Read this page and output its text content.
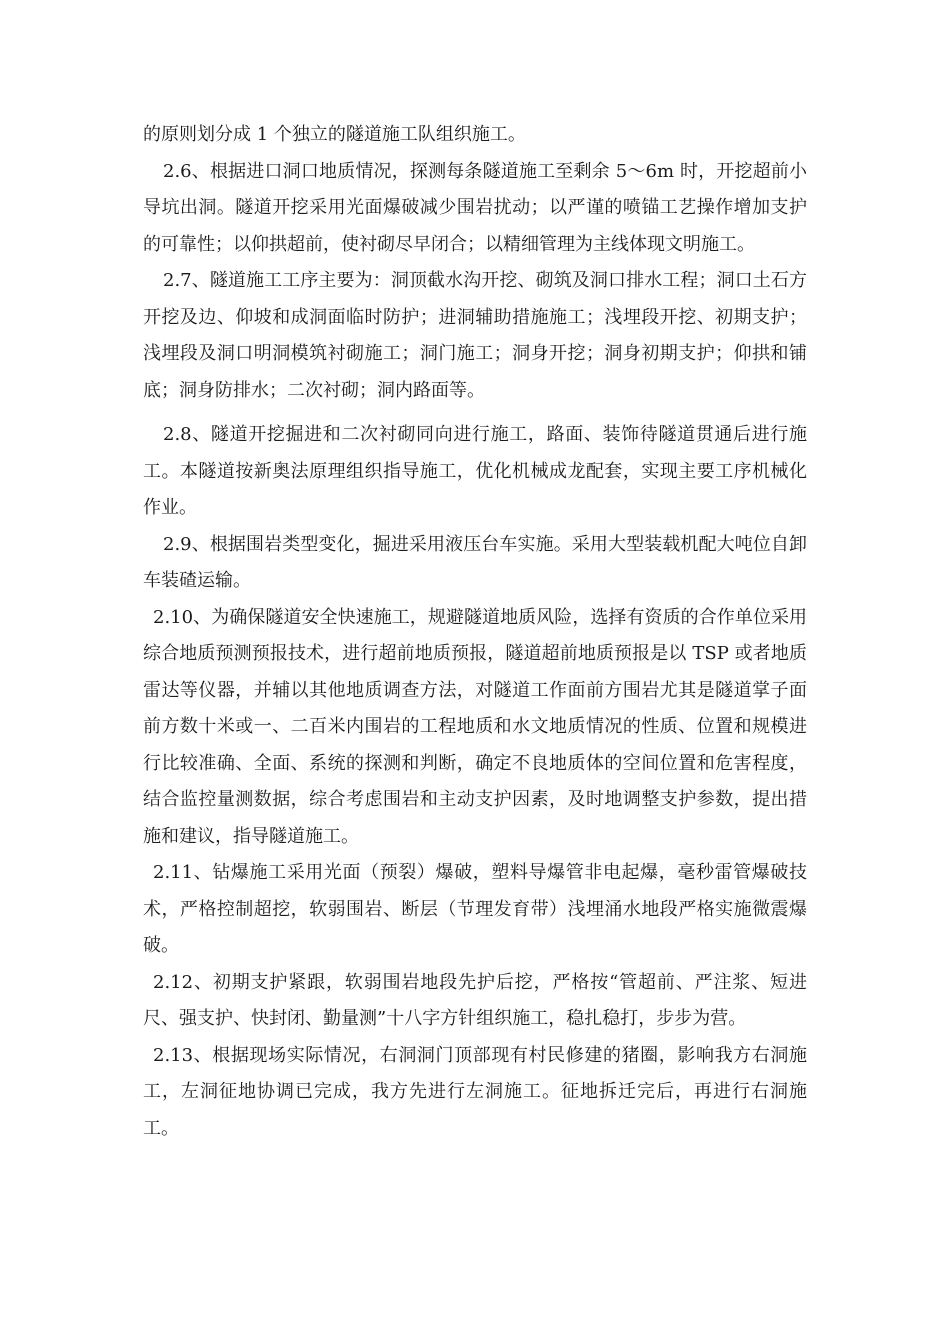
的原则划分成 1 个独立的隧道施工队组织施工。

2.6、根据进口洞口地质情况，探测每条隧道施工至剩余 5～6m 时，开挖超前小导坑出洞。隧道开挖采用光面爆破减少围岩扰动；以严谨的喷锚工艺操作增加支护的可靠性；以仰拱超前，使衬砌尽早闭合；以精细管理为主线体现文明施工。

2.7、隧道施工工序主要为：洞顶截水沟开挖、砌筑及洞口排水工程；洞口土石方开挖及边、仰坡和成洞面临时防护；进洞辅助措施施工；浅埋段开挖、初期支护；浅埋段及洞口明洞模筑衬砌施工；洞门施工；洞身开挖；洞身初期支护；仰拱和铺底；洞身防排水；二次衬砌；洞内路面等。

2.8、隧道开挖掘进和二次衬砌同向进行施工，路面、装饰待隧道贯通后进行施工。本隧道按新奥法原理组织指导施工，优化机械成龙配套，实现主要工序机械化作业。

2.9、根据围岩类型变化，掘进采用液压台车实施。采用大型装载机配大吨位自卸车装碴运输。

2.10、为确保隧道安全快速施工，规避隧道地质风险，选择有资质的合作单位采用综合地质预测预报技术，进行超前地质预报，隧道超前地质预报是以 TSP 或者地质雷达等仪器，并辅以其他地质调查方法，对隧道工作面前方围岩尤其是隧道掌子面前方数十米或一、二百米内围岩的工程地质和水文地质情况的性质、位置和规模进行比较准确、全面、系统的探测和判断，确定不良地质体的空间位置和危害程度，结合监控量测数据，综合考虑围岩和主动支护因素，及时地调整支护参数，提出措施和建议，指导隧道施工。

2.11、钻爆施工采用光面（预裂）爆破，塑料导爆管非电起爆，毫秒雷管爆破技术，严格控制超挖，软弱围岩、断层（节理发育带）浅埋涌水地段严格实施微震爆破。

2.12、初期支护紧跟，软弱围岩地段先护后挖，严格按“管超前、严注浆、短进尺、强支护、快封闭、勤量测”十八字方针组织施工，稳扎稳打，步步为营。

2.13、根据现场实际情况，右洞洞门顶部现有村民修建的猪圈，影响我方右洞施工，左洞征地协调已完成，我方先进行左洞施工。征地拆迁完后，再进行右洞施工。
